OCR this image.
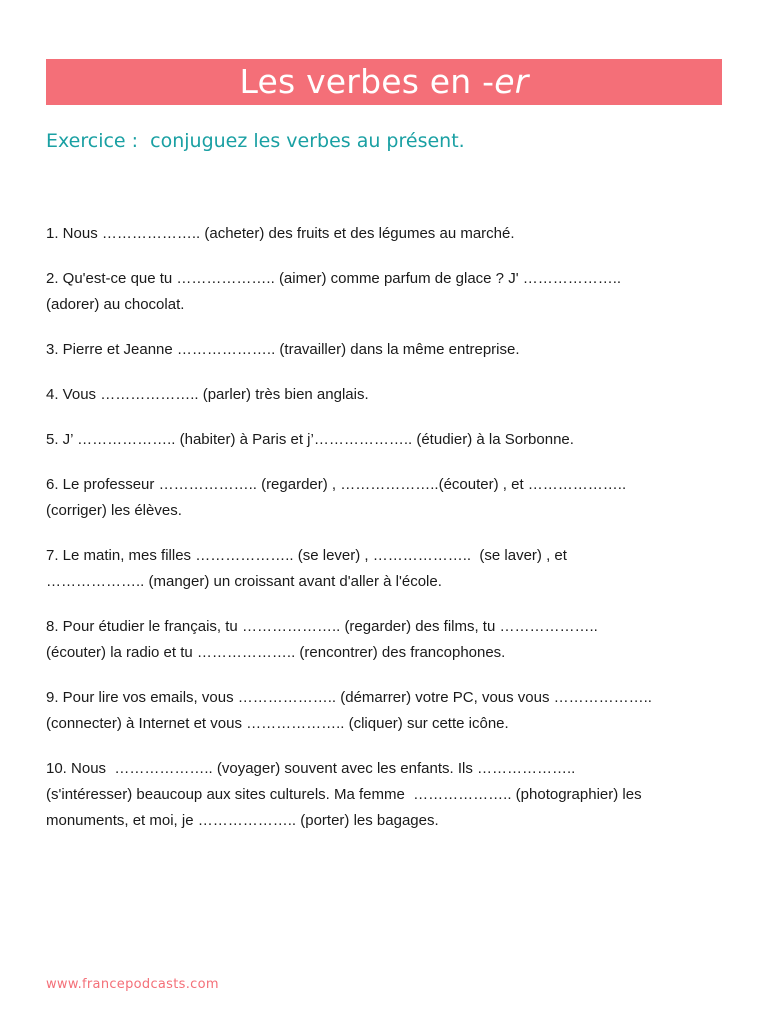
Les verbes en -er
Exercice :  conjuguez les verbes au présent.
1. Nous ……………….. (acheter) des fruits et des légumes au marché.
2. Qu'est-ce que tu ……………….. (aimer) comme parfum de glace ? J' ………………..
(adorer) au chocolat.
3. Pierre et Jeanne ……………….. (travailler) dans la même entreprise.
4. Vous ……………….. (parler) très bien anglais.
5. J’ ……………….. (habiter) à Paris et j’……………….. (étudier) à la Sorbonne.
6. Le professeur ……………….. (regarder) , ………………..(écouter) , et ………………..
(corriger) les élèves.
7. Le matin, mes filles ……………….. (se lever) , ………………..  (se laver) , et
……………….. (manger) un croissant avant d'aller à l'école.
8. Pour étudier le français, tu ……………….. (regarder) des films, tu ………………..
(écouter) la radio et tu ……………….. (rencontrer) des francophones.
9. Pour lire vos emails, vous ……………….. (démarrer) votre PC, vous vous ………………..
(connecter) à Internet et vous ……………….. (cliquer) sur cette icône.
10. Nous  ……………….. (voyager) souvent avec les enfants. Ils ………………..
(s'intéresser) beaucoup aux sites culturels. Ma femme  ……………….. (photographier) les
monuments, et moi, je ……………….. (porter) les bagages.
www.francepodcasts.com
